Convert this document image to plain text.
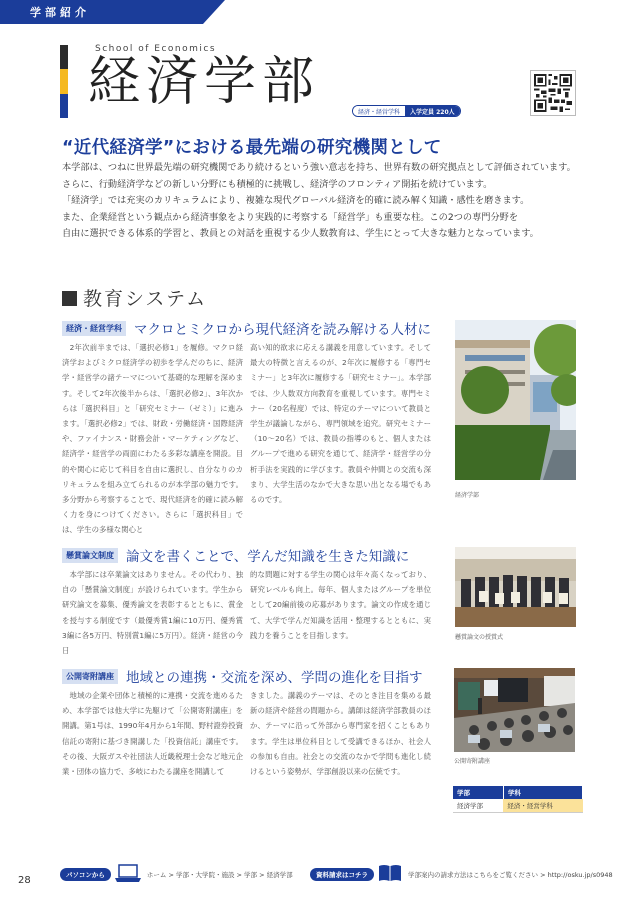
学部紹介
School of Economics
経済学部
経済・経営学科	入学定員 220人
“近代経済学”における最先端の研究機関として
本学部は、つねに世界最先端の研究機関であり続けるという強い意志を持ち、世界有数の研究拠点として評価されています。
さらに、行動経済学などの新しい分野にも積極的に挑戦し、経済学のフロンティア開拓を続けています。
「経済学」では充実のカリキュラムにより、複雑な現代グローバル経済を的確に読み解く知識・感性を磨きます。
また、企業経営という観点から経済事象をより実践的に考察する「経営学」も重要な柱。この2つの専門分野を
自由に選択できる体系的学習と、教員との対話を重視する少人数教育は、学生にとって大きな魅力となっています。
教育システム
経済・経営学科 マクロとミクロから現代経済を読み解ける人材に
　2年次前半までは、「選択必修1」を履修。マクロ経済学およびミクロ経済学の初歩を学んだのちに、経済学・経営学の諸テーマについて基礎的な理解を深めます。そして2年次後半からは、「選択必修2」、3年次からは「選択科目」と「研究セミナー（ゼミ）」に進みます。「選択必修2」では、財政・労働経済・国際経済や、ファイナンス・財務会計・マーケティングなど、経済学・経営学の両面にわたる多彩な講座を開設。目的や関心に応じて科目を自由に選択し、自分なりのカリキュラムを組み立てられるのが本学部の魅力です。多分野から考察することで、現代経済を的確に読み解く力を身につけてください。さらに「選択科目」では、学生の多様な関心と
高い知的欲求に応える講義を用意しています。そして最大の特徴と言えるのが、2年次に履修する「専門セミナー」と3年次に履修する「研究セミナー」。本学部では、少人数双方向教育を重視しています。専門セミナー（20名程度）では、特定のテーマについて教員と学生が議論しながら、専門領域を追究。研究セミナー（10〜20名）では、教員の指導のもと、個人またはグループで進める研究を通じて、経済学・経営学の分析手法を実践的に学びます。教員や仲間との交流も深まり、大学生活のなかで大きな思い出となる場でもあるのです。	経済学部
懸賞論文制度 論文を書くことで、学んだ知識を生きた知識に
　本学部には卒業論文はありません。その代わり、独自の「懸賞論文制度」が設けられています。学生から研究論文を募集、優秀論文を表彰するとともに、賞金を授与する制度です（最優秀賞1編に10万円、優秀賞3編に各5万円、特別賞1編に5万円）。経済・経営の今日
的な問題に対する学生の関心は年々高くなっており、研究レベルも向上。毎年、個人またはグループを単位として20編前後の応募があります。論文の作成を通じて、大学で学んだ知識を活用・整理するとともに、実践力を養うことを目指します。	懸賞論文の授賞式
公開寄附講座 地域との連携・交流を深め、学問の進化を目指す
　地域の企業や団体と積極的に連携・交流を進めるため、本学部では他大学に先駆けて「公開寄附講座」を開講。第1号は、1990年4月から1年間、野村證券投資信託の寄附に基づき開講した「投資信託」講座です。その後、大阪ガスや社団法人近畿税理士会など地元企業・団体の協力で、多岐にわたる講座を開講して
きました。講義のテーマは、そのとき注目を集める最新の経済や経営の問題から。講師は経済学部教員のほか、テーマに沿って外部から専門家を招くこともあります。学生は単位科目として受講できるほか、社会人の参加も自由。社会との交流のなかで学問も進化し続けるという姿勢が、学部創設以来の伝統です。
公開寄附講座
学部	学科
経済学部	経済・経営学科
28
パソコンから	ホーム > 学部・大学院・施設 > 学部 > 経済学部	資料請求はコチラ	学部案内の請求方法はこちらをご覧ください > http://osku.jp/s0948
